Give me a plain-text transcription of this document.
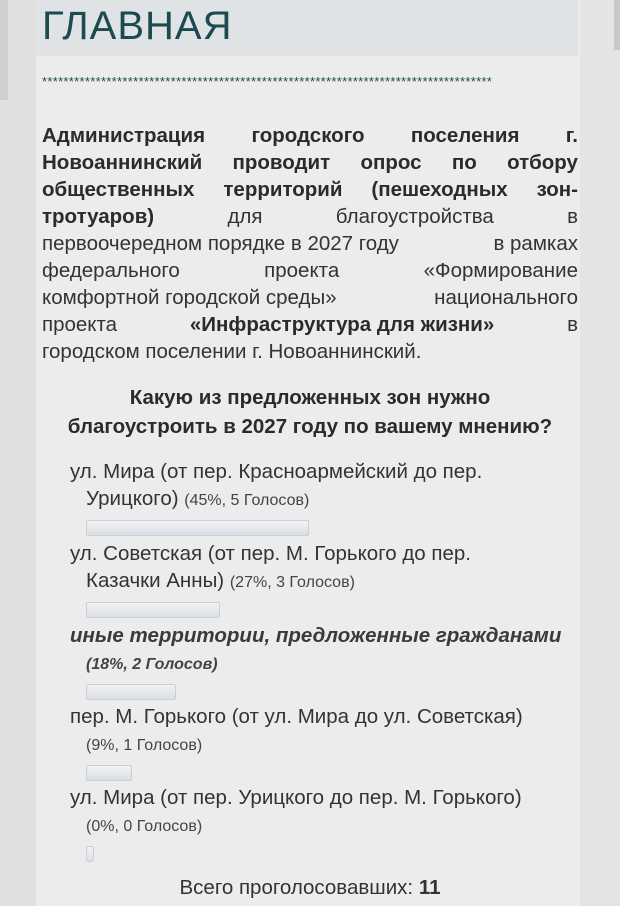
ГЛАВНАЯ
************************************************************************************
Администрация городского поселения г.
Новоаннинский проводит опрос по отбору
общественных территорий (пешеходных зон-
тротуаров)	для	благоустройства	в
первоочередном порядке в 2027 году	в рамках
федерального	проекта	«Формирование
комфортной городской среды»	национального
проекта	«Инфраструктура для жизни»	в
городском поселении г. Новоаннинский.
Какую из предложенных зон нужно
благоустроить в 2027 году по вашему мнению?
ул. Мира (от пер. Красноармейский до пер.
Урицкого) (45%, 5 Голосов)
ул. Советская (от пер. М. Горького до пер.
Казачки Анны) (27%, 3 Голосов)
иные территории, предложенные гражданами
(18%, 2 Голосов)
пер. М. Горького (от ул. Мира до ул. Советская)
(9%, 1 Голосов)
ул. Мира (от пер. Урицкого до пер. М. Горького)
(0%, 0 Голосов)
Всего проголосовавших: 11
